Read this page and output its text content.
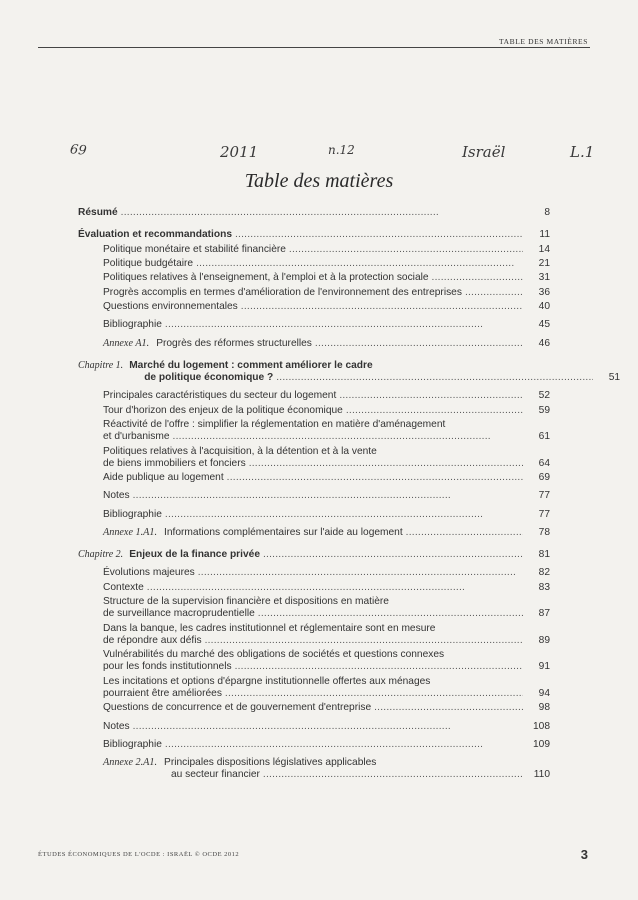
TABLE DES MATIÈRES
69	2011	n.12	Israël	L.1
Table des matières
Résumé . . .	8
Évaluation et recommandations . . .	11
Politique monétaire et stabilité financière . . .	14
Politique budgétaire . . .	21
Politiques relatives à l'enseignement, à l'emploi et à la protection sociale . . .	31
Progrès accomplis en termes d'amélioration de l'environnement des entreprises . . .	36
Questions environnementales . . .	40
Bibliographie . . .	45
Annexe A1. Progrès des réformes structurelles . . .	46
Chapitre 1. Marché du logement : comment améliorer le cadre
de politique économique ? . . .	51
Principales caractéristiques du secteur du logement . . .	52
Tour d'horizon des enjeux de la politique économique . . .	59
Réactivité de l'offre : simplifier la réglementation en matière d'aménagement
et d'urbanisme . . .	61
Politiques relatives à l'acquisition, à la détention et à la vente
de biens immobiliers et fonciers . . .	64
Aide publique au logement . . .	69
Notes . . .	77
Bibliographie . . .	77
Annexe 1.A1. Informations complémentaires sur l'aide au logement . . .	78
Chapitre 2. Enjeux de la finance privée . . .	81
Évolutions majeures . . .	82
Contexte . . .	83
Structure de la supervision financière et dispositions en matière
de surveillance macroprudentielle . . .	87
Dans la banque, les cadres institutionnel et réglementaire sont en mesure
de répondre aux défis . . .	89
Vulnérabilités du marché des obligations de sociétés et questions connexes
pour les fonds institutionnels . . .	91
Les incitations et options d'épargne institutionnelle offertes aux ménages
pourraient être améliorées . . .	94
Questions de concurrence et de gouvernement d'entreprise . . .	98
Notes . . .	108
Bibliographie . . .	109
Annexe 2.A1. Principales dispositions législatives applicables
au secteur financier . . .	110
ÉTUDES ÉCONOMIQUES DE L'OCDE : ISRAËL © OCDE 2012	3
